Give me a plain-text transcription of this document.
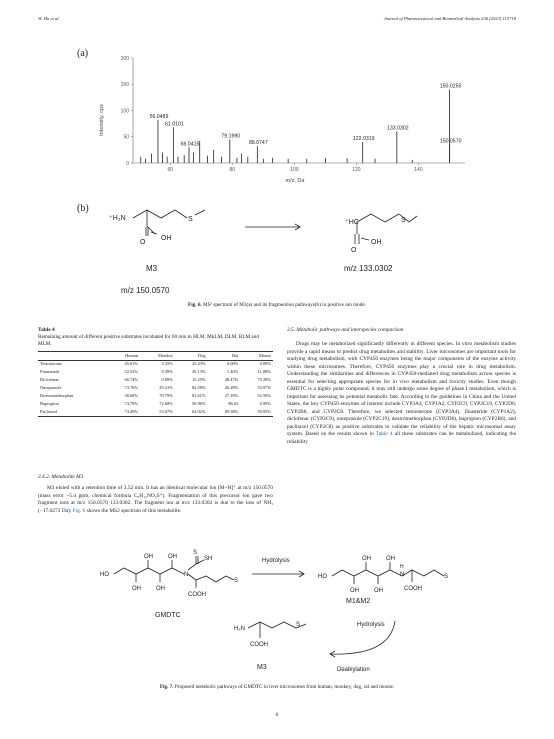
W. Hu et al.	Journal of Pharmaceutical and Biomedical Analysis 236 (2023) 115718
(a)
(b)
0
50
100
150
200
60	80	100	120	140
56.0489
61.0101
66.0415
79.1990
88.0747
122.0319
133.0302
150.0255
150.0570
m/z, Da
Intensity, cps
⁺H₃N	S
O
OH
⁺HC	S
O
OH
M3
m/z 150.0570
m/z 133.0302
Fig. 6. MS² spectrum of M3(a) and its fragmention pathways(b) in positive ion mode.
Table 4
Remaining amount of different positive substrates incubated for 60 min in HLM, MkLM, DLM, RLM and MLM.
	Human	Monkey	Dog	Rat	Mouse
Testosterone	45.61%	3.35%	25.43%	0.00%	0.00%
Finasteride	52.52%	0.39%	20.13%	1.40%	11.88%
Diclofenac	66.74%	0.89%	15.25%	48.47%	75.20%
Omeprazole	73.76%	29.21%	82.58%	26.28%	53.97%
Dextromethorphan	30.68%	70.79%	81.61%	27.18%	52.50%
Bupropion	73.70%	72.68%	50.96%	86.63	0.99%
Paclitaxel	74.49%	53.07%	64.92%	89.38%	59.85%
3.4.2. Metabolite M3
M3 eluted with a retention time of 3.52 min. It has an identical molecular ion [M+H]⁺ at m/z 150.0570 (mass error −5.4 ppm, chemical formula C₅H₁₂NO₂S⁺). Fragmentation of this precursor ion gave two fragment ions at m/z 150.0570 133.0302. The fragment ion at m/z 133.0302 is due to the loss of NH₃ (−17.0273 Da); Fig. 6 shows the MS2 spectrum of this metabolite.
3.5. Metabolic pathways and interspecies comparison
Drugs may be metabolized significantly differently in different species. In vitro metabolism studies provide a rapid means to predict drug metabolites and stability. Liver microsomes are important tools for studying drug metabolism, with CYP450 enzymes being the major components of the enzyme activity within these microsomes. Therefore, CYP450 enzymes play a crucial role in drug metabolism. Understanding the similarities and differences in CYP450-mediated drug metabolism across species is essential for selecting appropriate species for in vivo metabolism and toxicity studies. Even though GMDTC is a highly polar compound, it may still undergo some degree of phase I metabolism, which is important for assessing its potential metabolic fate. According to the guidelines in China and the United States, the key CYP450 enzymes of interest include CYP3A4, CYP1A2, CYP2C9, CYP2C19, CYP2D6, CYP2B6, and CYP2C8. Therefore, we selected testosterone (CYP3A4), finasteride (CYP1A2), diclofenac (CYP2C9), omeprazole (CYP2C19), dextromethorphan (CYP2D6), bupropion (CYP2B6), and paclitaxel (CYP2C8) as positive substrates to validate the reliability of the hepatic microsomal assay system. Based on the results shown in Table 4 all these substrates can be metabolized, indicating the reliability
HO
OH
OH
OH
OH
N
S
SH
COOH
S
HO
OH
OH
OH
OH
H
N
COOH
S
H₂N
COOH
S
GMDTC
M1&M2
M3
Hydrolysis
Hydrolysis
Dealkylation
Fig. 7. Proposed metabolic pathways of GMDTC in liver microsomes from human, monkey, dog, rat and mouse.
6
